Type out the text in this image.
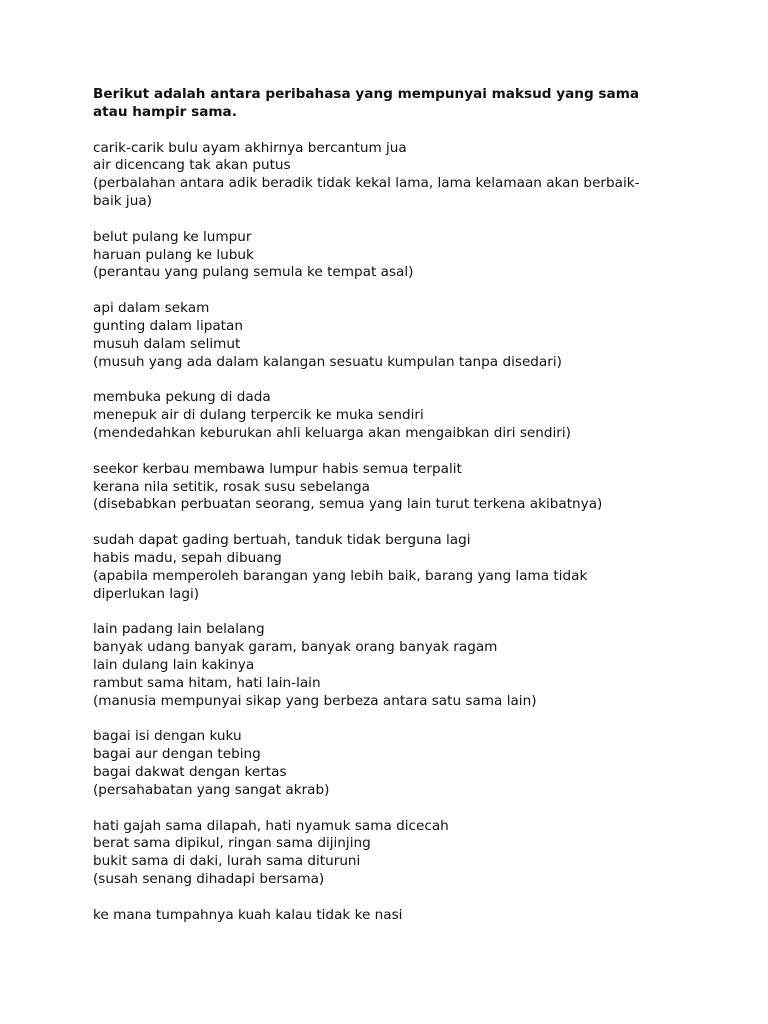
Berikut adalah antara peribahasa yang mempunyai maksud yang sama
atau hampir sama.
carik-carik bulu ayam akhirnya bercantum jua
air dicencang tak akan putus
(perbalahan antara adik beradik tidak kekal lama, lama kelamaan akan berbaik-
baik jua)
belut pulang ke lumpur
haruan pulang ke lubuk
(perantau yang pulang semula ke tempat asal)
api dalam sekam
gunting dalam lipatan
musuh dalam selimut
(musuh yang ada dalam kalangan sesuatu kumpulan tanpa disedari)
membuka pekung di dada
menepuk air di dulang terpercik ke muka sendiri
(mendedahkan keburukan ahli keluarga akan mengaibkan diri sendiri)
seekor kerbau membawa lumpur habis semua terpalit
kerana nila setitik, rosak susu sebelanga
(disebabkan perbuatan seorang, semua yang lain turut terkena akibatnya)
sudah dapat gading bertuah, tanduk tidak berguna lagi
habis madu, sepah dibuang
(apabila memperoleh barangan yang lebih baik, barang yang lama tidak
diperlukan lagi)
lain padang lain belalang
banyak udang banyak garam, banyak orang banyak ragam
lain dulang lain kakinya
rambut sama hitam, hati lain-lain
(manusia mempunyai sikap yang berbeza antara satu sama lain)
bagai isi dengan kuku
bagai aur dengan tebing
bagai dakwat dengan kertas
(persahabatan yang sangat akrab)
hati gajah sama dilapah, hati nyamuk sama dicecah
berat sama dipikul, ringan sama dijinjing
bukit sama di daki, lurah sama dituruni
(susah senang dihadapi bersama)
ke mana tumpahnya kuah kalau tidak ke nasi
